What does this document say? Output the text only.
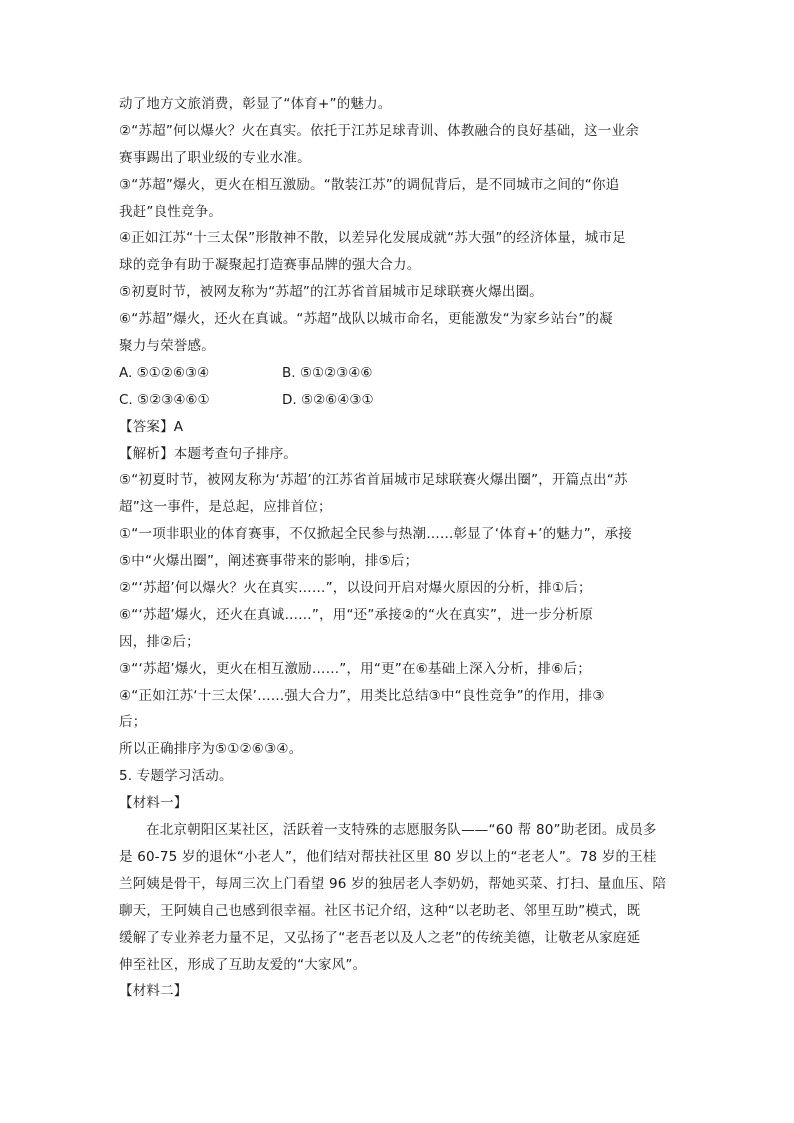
动了地方文旅消费，彰显了“体育+”的魅力。
②“苏超”何以爆火？火在真实。依托于江苏足球青训、体教融合的良好基础，这一业余
赛事踢出了职业级的专业水准。
③“苏超”爆火，更火在相互激励。“散装江苏”的调侃背后，是不同城市之间的“你追
我赶”良性竞争。
④正如江苏“十三太保”形散神不散，以差异化发展成就“苏大强”的经济体量，城市足
球的竞争有助于凝聚起打造赛事品牌的强大合力。
⑤初夏时节，被网友称为“苏超”的江苏省首届城市足球联赛火爆出圈。
⑥“苏超”爆火，还火在真诚。“苏超”战队以城市命名，更能激发“为家乡站台”的凝
聚力与荣誉感。
A. ⑤①②⑥③④	B. ⑤①②③④⑥
C. ⑤②③④⑥①	D. ⑤②⑥④③①
【答案】A
【解析】本题考查句子排序。
⑤“初夏时节，被网友称为‘苏超’的江苏省首届城市足球联赛火爆出圈”，开篇点出“苏
超”这一事件，是总起，应排首位；
①“一项非职业的体育赛事，不仅掀起全民参与热潮……彰显了‘体育+’的魅力”，承接
⑤中“火爆出圈”，阐述赛事带来的影响，排⑤后；
②“‘苏超’何以爆火？火在真实……”，以设问开启对爆火原因的分析，排①后；
⑥“‘苏超’爆火，还火在真诚……”，用“还”承接②的“火在真实”，进一步分析原
因，排②后；
③“‘苏超’爆火，更火在相互激励……”，用“更”在⑥基础上深入分析，排⑥后；
④“正如江苏‘十三太保’……强大合力”，用类比总结③中“良性竞争”的作用，排③
后；
所以正确排序为⑤①②⑥③④。
5. 专题学习活动。
【材料一】
在北京朝阳区某社区，活跃着一支特殊的志愿服务队——“60 帮 80”助老团。成员多
是 60-75 岁的退休“小老人”，他们结对帮扶社区里 80 岁以上的“老老人”。78 岁的王桂
兰阿姨是骨干，每周三次上门看望 96 岁的独居老人李奶奶，帮她买菜、打扫、量血压、陪
聊天，王阿姨自己也感到很幸福。社区书记介绍，这种“以老助老、邻里互助”模式，既
缓解了专业养老力量不足，又弘扬了“老吾老以及人之老”的传统美德，让敬老从家庭延
伸至社区，形成了互助友爱的“大家风”。
【材料二】
